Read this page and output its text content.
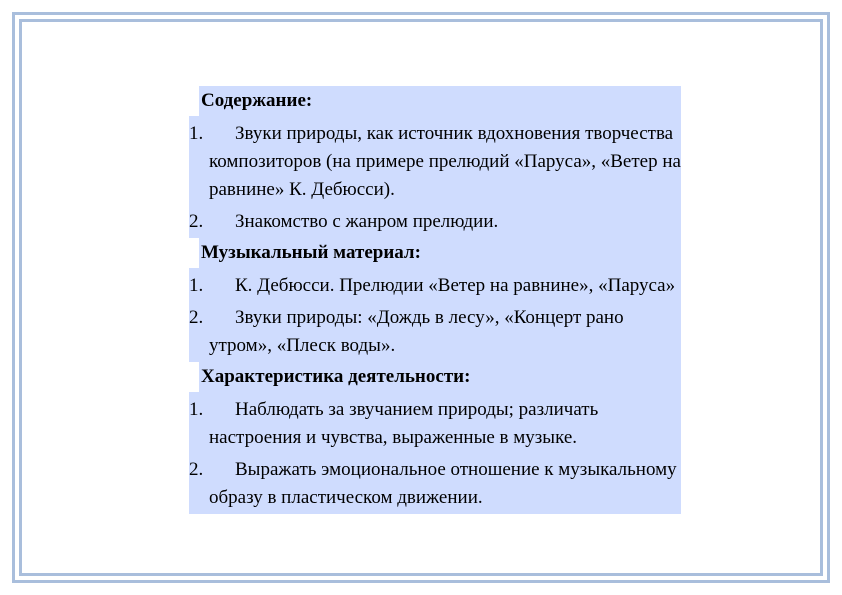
Содержание:
1.	Звуки природы, как источник вдохновения творчества композиторов (на примере прелюдий «Паруса», «Ветер на равнине» К. Дебюсси).
2.	Знакомство с жанром прелюдии.
Музыкальный материал:
1.	К. Дебюсси. Прелюдии «Ветер на равнине», «Паруса»
2.	Звуки природы: «Дождь в лесу», «Концерт рано утром», «Плеск воды».
Характеристика деятельности:
1.	Наблюдать за звучанием природы; различать настроения и чувства, выраженные в музыке.
2.	Выражать эмоциональное отношение к музыкальному образу в пластическом движении.
